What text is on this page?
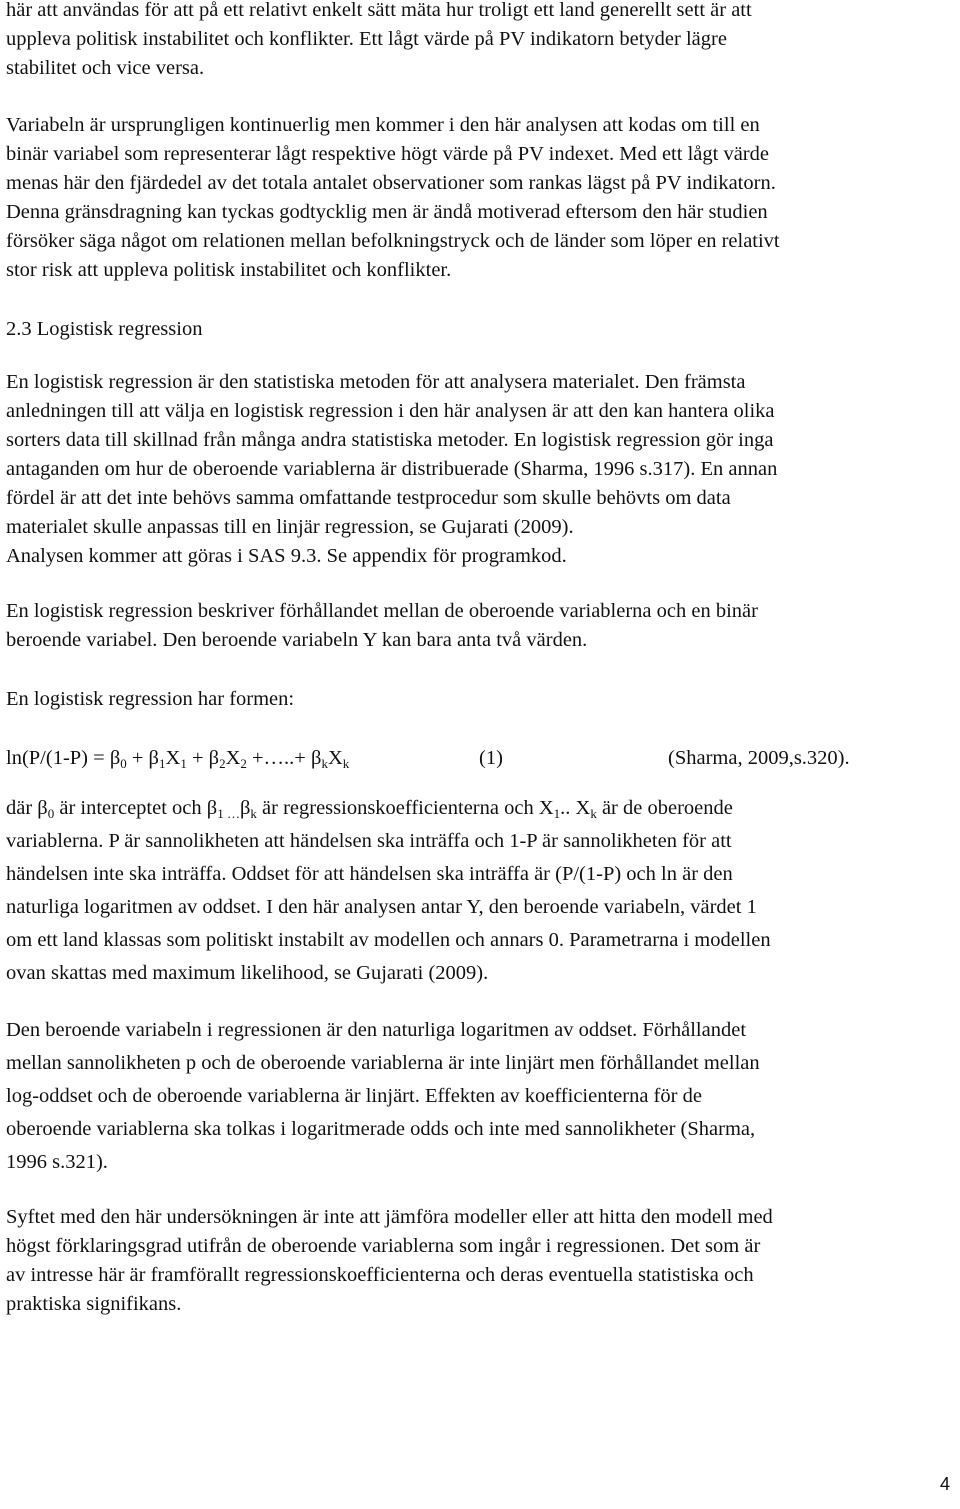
här att användas för att på ett relativt enkelt sätt mäta hur troligt ett land generellt sett är att
uppleva politisk instabilitet och konflikter. Ett lågt värde på PV indikatorn betyder lägre
stabilitet och vice versa.

Variabeln är ursprungligen kontinuerlig men kommer i den här analysen att kodas om till en
binär variabel som representerar lågt respektive högt värde på PV indexet. Med ett lågt värde
menas här den fjärdedel av det totala antalet observationer som rankas lägst på PV indikatorn.
Denna gränsdragning kan tyckas godtycklig men är ändå motiverad eftersom den här studien
försöker säga något om relationen mellan befolkningstryck och de länder som löper en relativt
stor risk att uppleva politisk instabilitet och konflikter.

2.3 Logistisk regression

En logistisk regression är den statistiska metoden för att analysera materialet. Den främsta
anledningen till att välja en logistisk regression i den här analysen är att den kan hantera olika
sorters data till skillnad från många andra statistiska metoder. En logistisk regression gör inga
antaganden om hur de oberoende variablerna är distribuerade (Sharma, 1996 s.317). En annan
fördel är att det inte behövs samma omfattande testprocedur som skulle behövts om data
materialet skulle anpassas till en linjär regression, se Gujarati (2009).
Analysen kommer att göras i SAS 9.3. Se appendix för programkod.

En logistisk regression beskriver förhållandet mellan de oberoende variablerna och en binär
beroende variabel. Den beroende variabeln Y kan bara anta två värden.

En logistisk regression har formen:

$\ln(P/(1-P) = \beta_0 + \beta_1X_1 + \beta_2X_2$ +…..+ $\beta_kX_k$	(1)	(Sharma, 2009,s.320).

där $\beta_0$ är interceptet och $\beta_{1 \dots}\beta_k$ är regressionskoefficienterna och $X_1$.. $X_k$ är de oberoende
variablerna. P är sannolikheten att händelsen ska inträffa och 1-P är sannolikheten för att
händelsen inte ska inträffa. Oddset för att händelsen ska inträffa är (P/(1-P) och ln är den
naturliga logaritmen av oddset. I den här analysen antar Y, den beroende variabeln, värdet 1
om ett land klassas som politiskt instabilt av modellen och annars 0. Parametrarna i modellen
ovan skattas med maximum likelihood, se Gujarati (2009).

Den beroende variabeln i regressionen är den naturliga logaritmen av oddset. Förhållandet
mellan sannolikheten p och de oberoende variablerna är inte linjärt men förhållandet mellan
log-oddset och de oberoende variablerna är linjärt. Effekten av koefficienterna för de
oberoende variablerna ska tolkas i logaritmerade odds och inte med sannolikheter (Sharma,
1996 s.321).

Syftet med den här undersökningen är inte att jämföra modeller eller att hitta den modell med
högst förklaringsgrad utifrån de oberoende variablerna som ingår i regressionen. Det som är
av intresse här är framförallt regressionskoefficienterna och deras eventuella statistiska och
praktiska signifikans.

4
